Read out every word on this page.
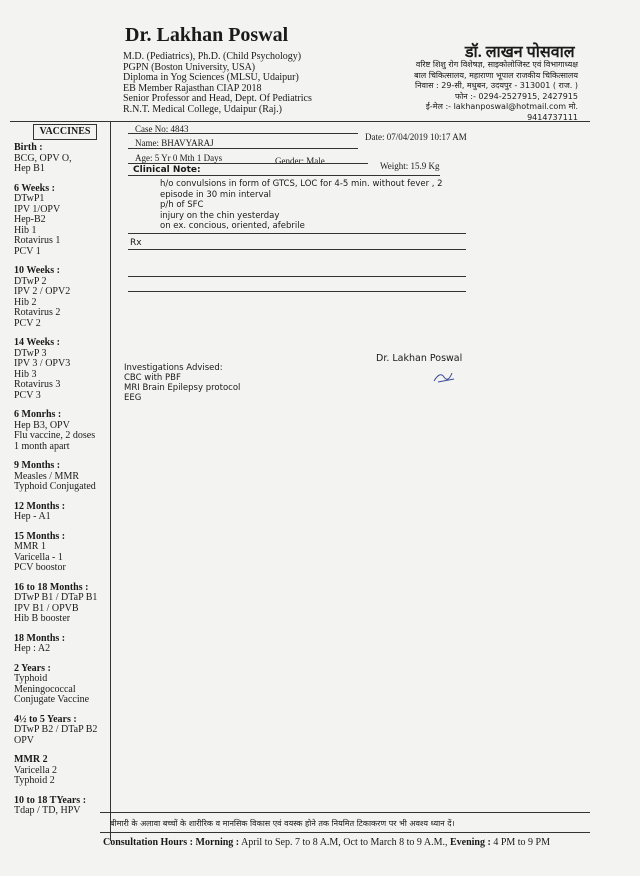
Dr. Lakhan Poswal
M.D. (Pediatrics), Ph.D. (Child Psychology)
PGPN (Boston University, USA)
Diploma in Yog Sciences (MLSU, Udaipur)
EB Member Rajasthan CIAP 2018
Senior Professor and Head, Dept. Of Pediatrics
R.N.T. Medical College, Udaipur (Raj.)
डॉ. लाखन पोसवाल
वरिष्ट शिशु रोग विशेषज्ञ, साइकोलोजिस्ट एवं विभागाध्यक्ष
बाल चिकित्सालय, महाराणा भूपाल राजकीय चिकित्सालय
निवास : 29-सी, मधुबन, उदयपुर - 313001 ( राज. )
फोन :- 0294-2527915, 2427915
ई-मेल :- lakhanposwal@hotmail.com मो. 9414737111
VACCINES
Birth :
BCG, OPV O,
Hep B1
6 Weeks :
DTwP1
IPV 1/OPV
Hep-B2
Hib 1
Rotavirus 1
PCV 1
10 Weeks :
DTwP 2
IPV 2 / OPV2
Hib 2
Rotavirus 2
PCV 2
14 Weeks :
DTwP 3
IPV 3 / OPV3
Hib 3
Rotavirus 3
PCV 3
6 Monrhs :
Hep B3, OPV
Flu vaccine, 2 doses
1 month apart
9 Months :
Measles / MMR
Typhoid Conjugated
12 Months :
Hep - A1
15 Months :
MMR 1
Varicella - 1
PCV boostor
16 to 18 Months :
DTwP B1 / DTaP B1
IPV B1 / OPVB
Hib B booster
18 Months :
Hep : A2
2 Years :
Typhoid
Meningococcal
Conjugate Vaccine
4½ to 5 Years :
DTwP B2 / DTaP B2
OPV
MMR 2
Varicella 2
Typhoid 2
10 to 18 TYears :
Tdap / TD, HPV
Case No: 4843
Date: 07/04/2019 10:17 AM
Name: BHAVYARAJ
Age: 5 Yr 0 Mth 1 Days	Gender: Male	Weight: 15.9 Kg
Clinical Note:
h/o convulsions in form of GTCS, LOC for 4-5 min. without fever , 2
episode in 30 min interval
p/h of SFC
injury on the chin yesterday
on ex. concious, oriented, afebrile
Rx
Dr. Lakhan Poswal
Investigations Advised:
CBC with PBF
MRI Brain Epilepsy protocol
EEG
बीमारी के अलावा बच्चों के शारीरिक व मानसिक विकास एवं वयस्क होने तक नियमित टिकाकरण पर भी अवश्य ध्यान दें।
Consultation Hours : Morning : April to Sep. 7 to 8 A.M, Oct to March 8 to 9 A.M., Evening : 4 PM to 9 PM
